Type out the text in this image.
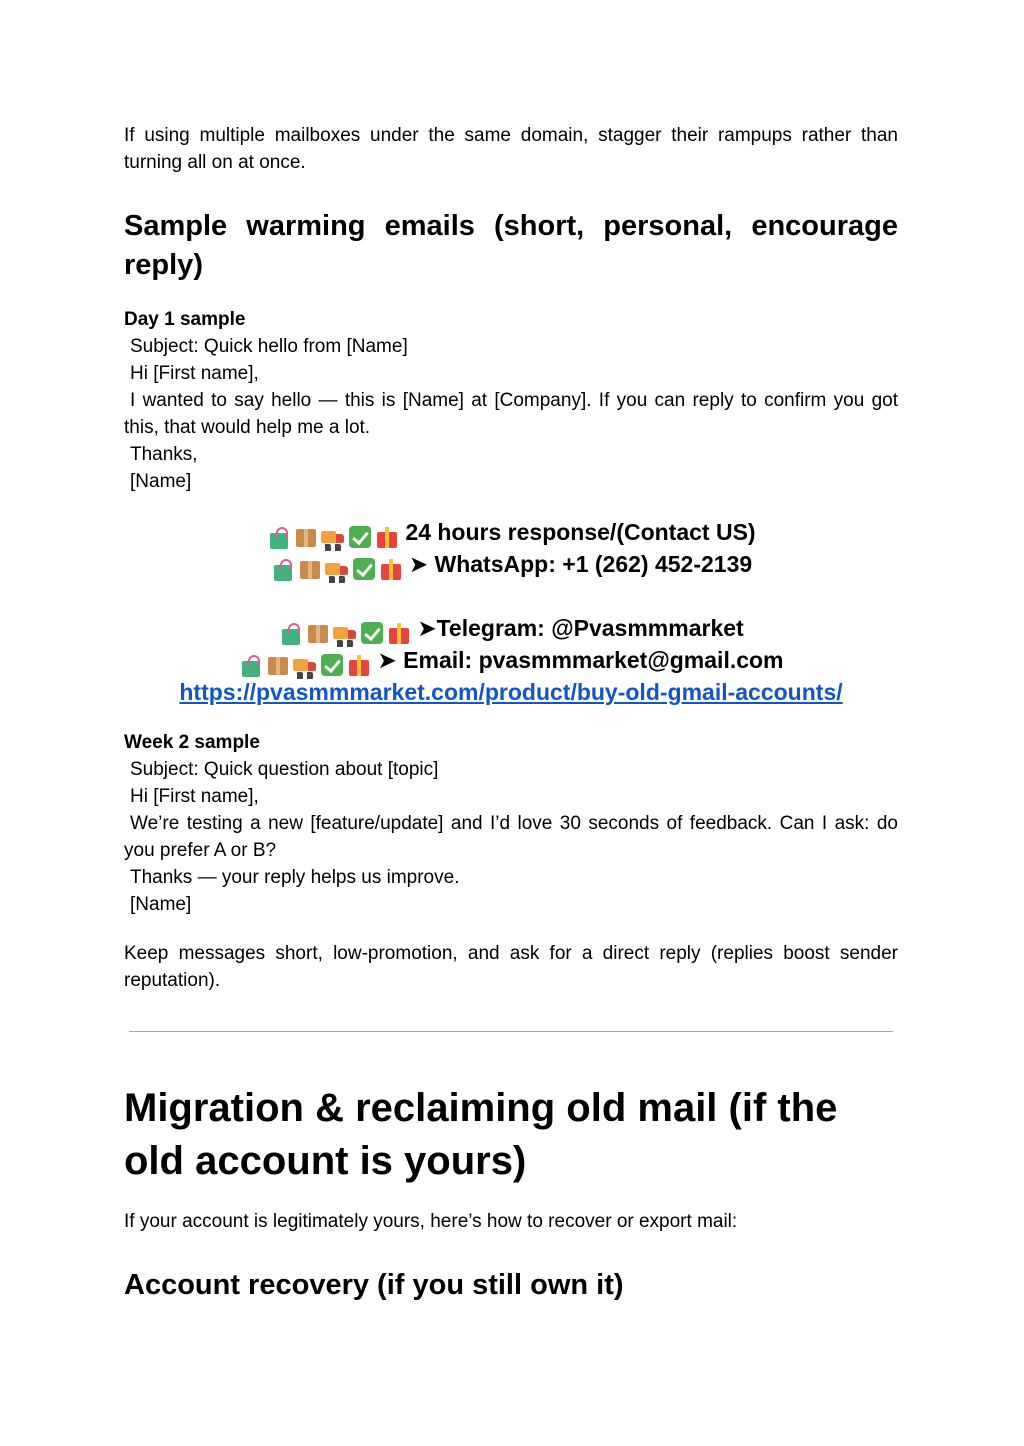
If using multiple mailboxes under the same domain, stagger their rampups rather than turning all on at once.

Sample warming emails (short, personal, encourage reply)

Day 1 sample

Subject: Quick hello from [Name]

Hi [First name],

I wanted to say hello — this is [Name] at [Company]. If you can reply to confirm you got this, that would help me a lot.

Thanks,

[Name]

24 hours response/(Contact US)

➤ WhatsApp: +1 (262) 452-2139

➤Telegram: @Pvasmmmarket

➤ Email: pvasmmmarket@gmail.com

https://pvasmmmarket.com/product/buy-old-gmail-accounts/

Week 2 sample

Subject: Quick question about [topic]

Hi [First name],

We’re testing a new [feature/update] and I’d love 30 seconds of feedback. Can I ask: do you prefer A or B?

Thanks — your reply helps us improve.

[Name]

Keep messages short, low-promotion, and ask for a direct reply (replies boost sender reputation).

Migration & reclaiming old mail (if the old account is yours)

If your account is legitimately yours, here’s how to recover or export mail:

Account recovery (if you still own it)
